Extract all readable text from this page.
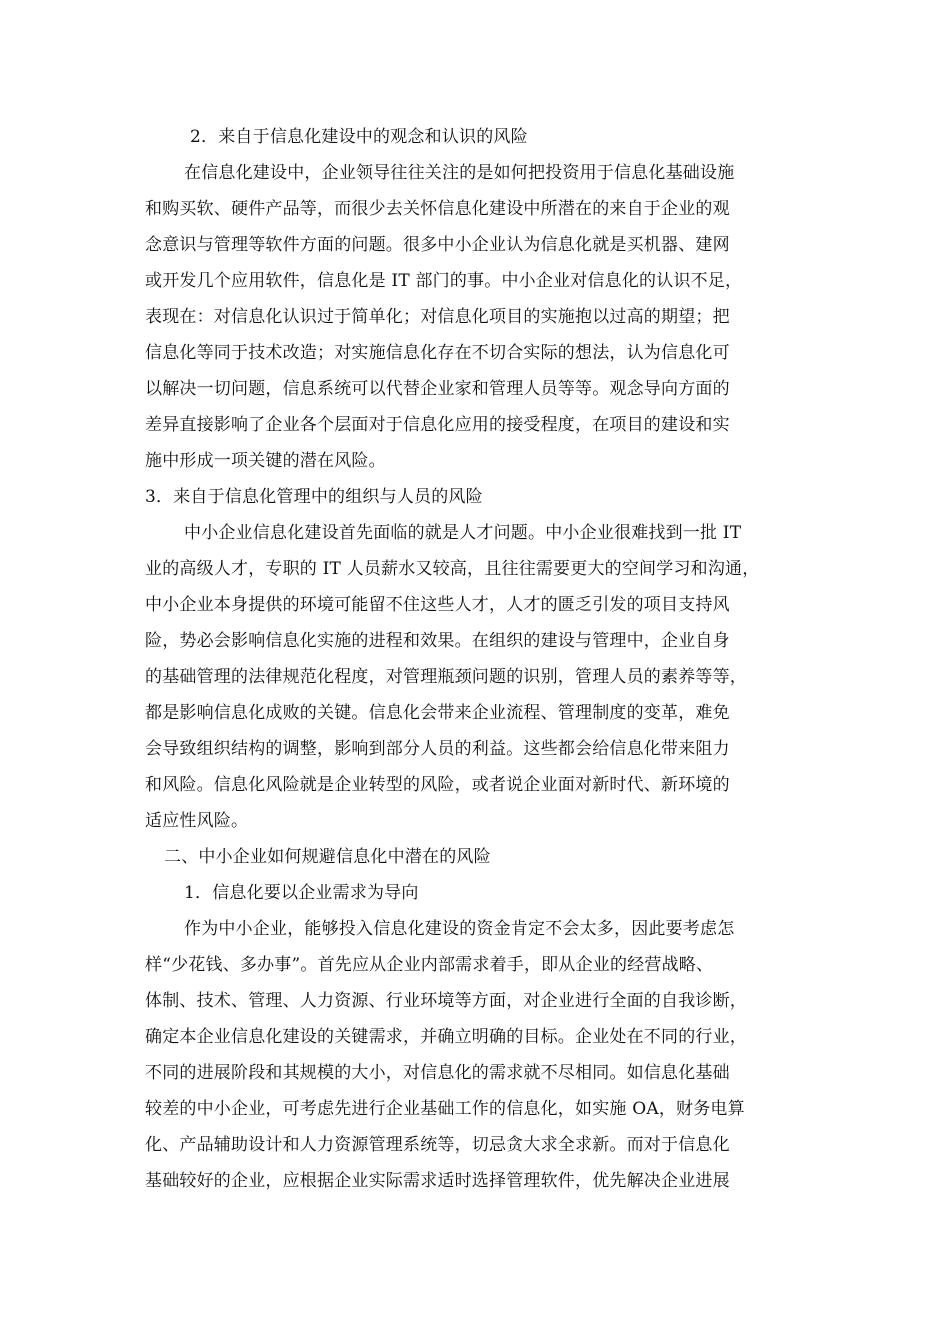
2．来自于信息化建设中的观念和认识的风险
在信息化建设中，企业领导往往关注的是如何把投资用于信息化基础设施
和购买软、硬件产品等，而很少去关怀信息化建设中所潜在的来自于企业的观
念意识与管理等软件方面的问题。很多中小企业认为信息化就是买机器、建网
或开发几个应用软件，信息化是 IT 部门的事。中小企业对信息化的认识不足，
表现在：对信息化认识过于简单化；对信息化项目的实施抱以过高的期望；把
信息化等同于技术改造；对实施信息化存在不切合实际的想法，认为信息化可
以解决一切问题，信息系统可以代替企业家和管理人员等等。观念导向方面的
差异直接影响了企业各个层面对于信息化应用的接受程度，在项目的建设和实
施中形成一项关键的潜在风险。
3．来自于信息化管理中的组织与人员的风险
中小企业信息化建设首先面临的就是人才问题。中小企业很难找到一批 IT
业的高级人才，专职的 IT 人员薪水又较高，且往往需要更大的空间学习和沟通，
中小企业本身提供的环境可能留不住这些人才，人才的匮乏引发的项目支持风
险，势必会影响信息化实施的进程和效果。在组织的建设与管理中，企业自身
的基础管理的法律规范化程度，对管理瓶颈问题的识别，管理人员的素养等等，
都是影响信息化成败的关键。信息化会带来企业流程、管理制度的变革，难免
会导致组织结构的调整，影响到部分人员的利益。这些都会给信息化带来阻力
和风险。信息化风险就是企业转型的风险，或者说企业面对新时代、新环境的
适应性风险。
二、中小企业如何规避信息化中潜在的风险
1．信息化要以企业需求为导向
作为中小企业，能够投入信息化建设的资金肯定不会太多，因此要考虑怎
样“少花钱、多办事”。首先应从企业内部需求着手，即从企业的经营战略、
体制、技术、管理、人力资源、行业环境等方面，对企业进行全面的自我诊断，
确定本企业信息化建设的关键需求，并确立明确的目标。企业处在不同的行业，
不同的进展阶段和其规模的大小，对信息化的需求就不尽相同。如信息化基础
较差的中小企业，可考虑先进行企业基础工作的信息化，如实施 OA，财务电算
化、产品辅助设计和人力资源管理系统等，切忌贪大求全求新。而对于信息化
基础较好的企业，应根据企业实际需求适时选择管理软件，优先解决企业进展
